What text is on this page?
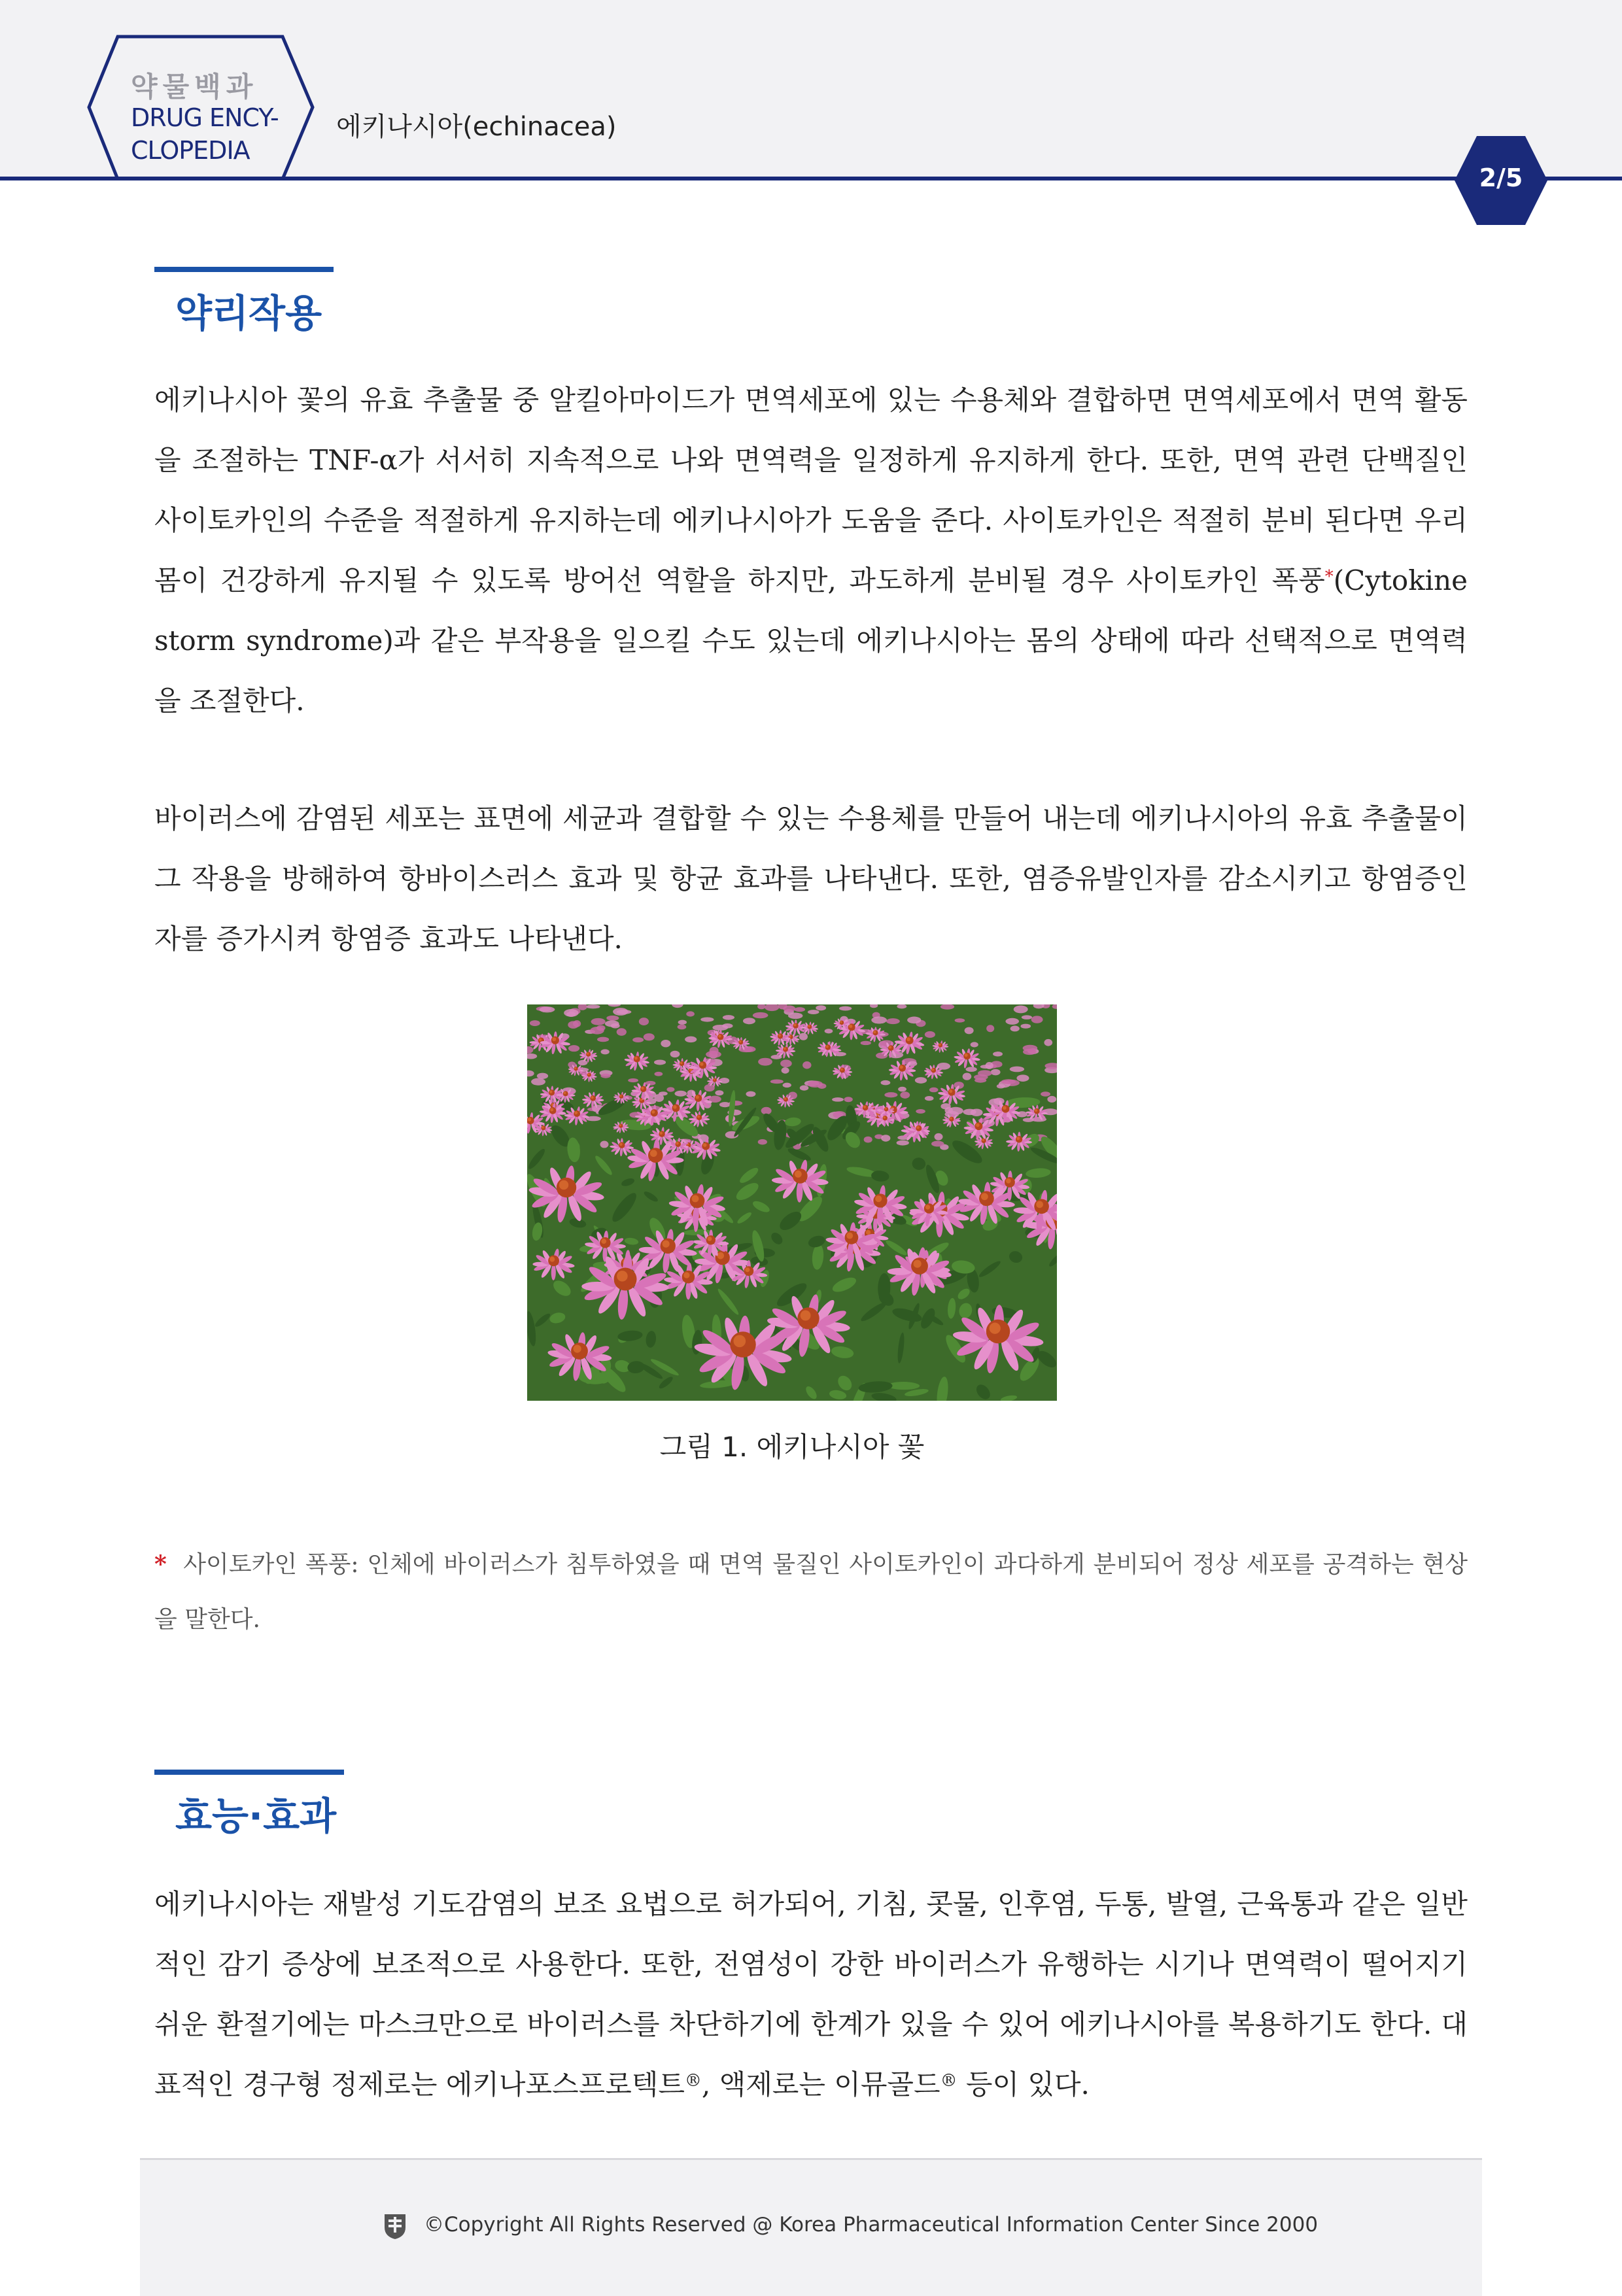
약물백과
DRUG ENCY-
CLOPEDIA
에키나시아(echinacea)
2/5
약리작용

에키나시아 꽃의 유효 추출물 중 알킬아마이드가 면역세포에 있는 수용체와 결합하면 면역세포에서 면역 활동을 조절하는 TNF-α가 서서히 지속적으로 나와 면역력을 일정하게 유지하게 한다. 또한, 면역 관련 단백질인 사이토카인의 수준을 적절하게 유지하는데 에키나시아가 도움을 준다. 사이토카인은 적절히 분비 된다면 우리 몸이 건강하게 유지될 수 있도록 방어선 역할을 하지만, 과도하게 분비될 경우 사이토카인 폭풍*(Cytokine storm syndrome)과 같은 부작용을 일으킬 수도 있는데 에키나시아는 몸의 상태에 따라 선택적으로 면역력을 조절한다.

바이러스에 감염된 세포는 표면에 세균과 결합할 수 있는 수용체를 만들어 내는데 에키나시아의 유효 추출물이 그 작용을 방해하여 항바이스러스 효과 및 항균 효과를 나타낸다. 또한, 염증유발인자를 감소시키고 항염증인자를 증가시켜 항염증 효과도 나타낸다.

그림 1. 에키나시아 꽃

* 사이토카인 폭풍: 인체에 바이러스가 침투하였을 때 면역 물질인 사이토카인이 과다하게 분비되어 정상 세포를 공격하는 현상을 말한다.

효능·효과

에키나시아는 재발성 기도감염의 보조 요법으로 허가되어, 기침, 콧물, 인후염, 두통, 발열, 근육통과 같은 일반적인 감기 증상에 보조적으로 사용한다. 또한, 전염성이 강한 바이러스가 유행하는 시기나 면역력이 떨어지기 쉬운 환절기에는 마스크만으로 바이러스를 차단하기에 한계가 있을 수 있어 에키나시아를 복용하기도 한다. 대표적인 경구형 정제로는 에키나포스프로텍트®, 액제로는 이뮤골드® 등이 있다.

©Copyright All Rights Reserved @ Korea Pharmaceutical Information Center Since 2000
